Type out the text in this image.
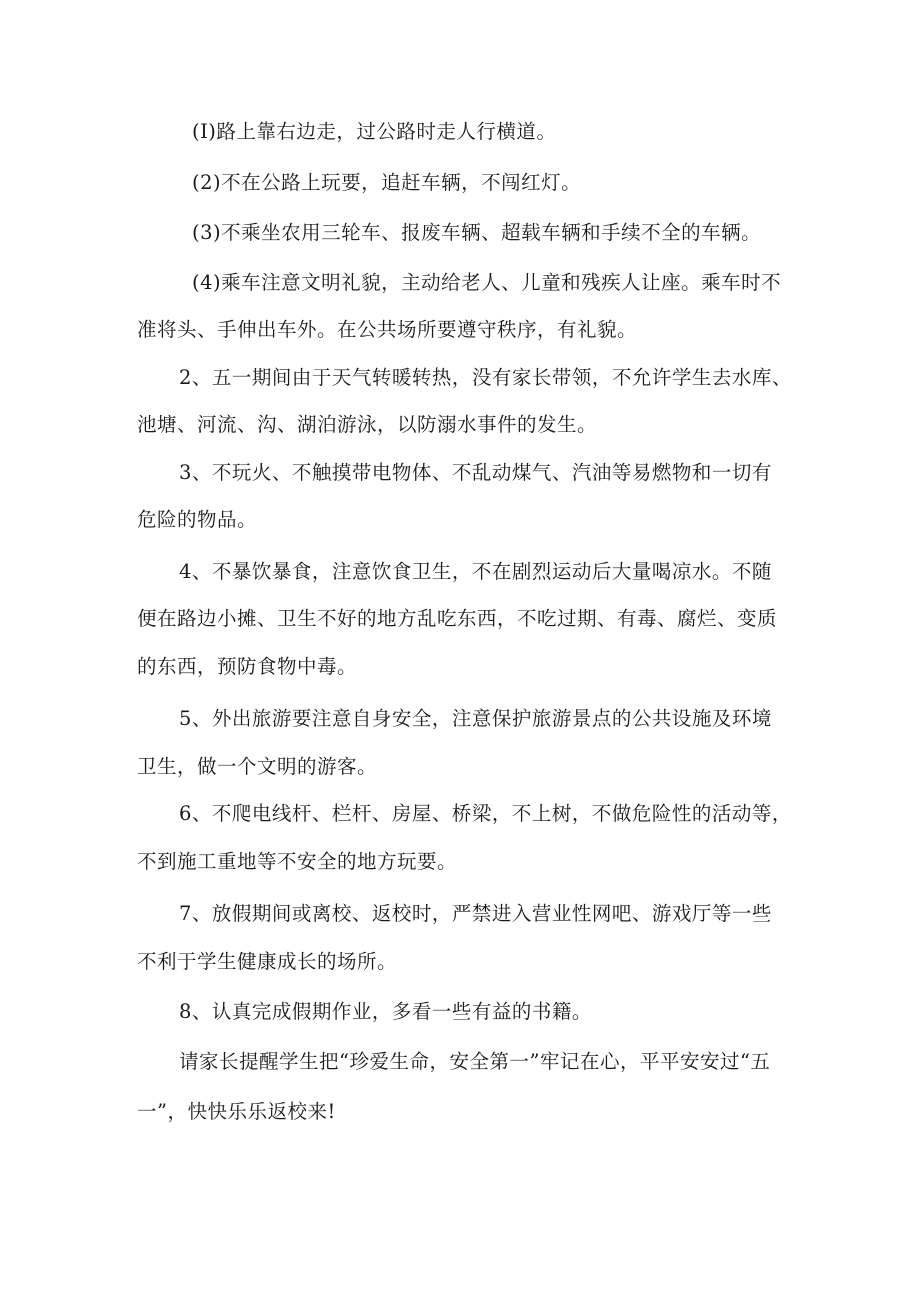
(I)路上靠右边走，过公路时走人行横道。

(2)不在公路上玩要，追赶车辆，不闯红灯。

(3)不乘坐农用三轮车、报废车辆、超载车辆和手续不全的车辆。

(4)乘车注意文明礼貌，主动给老人、儿童和残疾人让座。乘车时不

准将头、手伸出车外。在公共场所要遵守秩序，有礼貌。

2、五一期间由于天气转暖转热，没有家长带领，不允许学生去水库、

池塘、河流、沟、湖泊游泳，以防溺水事件的发生。

3、不玩火、不触摸带电物体、不乱动煤气、汽油等易燃物和一切有

危险的物品。

4、不暴饮暴食，注意饮食卫生，不在剧烈运动后大量喝凉水。不随

便在路边小摊、卫生不好的地方乱吃东西，不吃过期、有毒、腐烂、变质

的东西，预防食物中毒。

5、外出旅游要注意自身安全，注意保护旅游景点的公共设施及环境

卫生，做一个文明的游客。

6、不爬电线杆、栏杆、房屋、桥梁，不上树，不做危险性的活动等，

不到施工重地等不安全的地方玩要。

7、放假期间或离校、返校时，严禁进入营业性网吧、游戏厅等一些

不利于学生健康成长的场所。

8、认真完成假期作业，多看一些有益的书籍。

请家长提醒学生把“珍爱生命，安全第一”牢记在心，平平安安过“五

一”，快快乐乐返校来!
